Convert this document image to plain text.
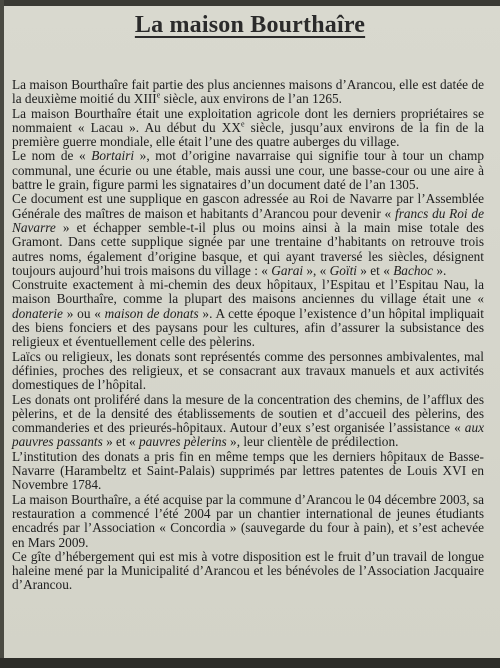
La maison Bourthaîre

La maison Bourthaîre fait partie des plus anciennes maisons d’Arancou, elle est datée de la deuxième moitié du XIIIe siècle, aux environs de l’an 1265.

La maison Bourthaîre était une exploitation agricole dont les derniers propriétaires se nommaient « Lacau ». Au début du XXe siècle, jusqu’aux environs de la fin de la première guerre mondiale, elle était l’une des quatre auberges du village.

Le nom de « Bortairi », mot d’origine navarraise qui signifie tour à tour un champ communal, une écurie ou une étable, mais aussi une cour, une basse-cour ou une aire à battre le grain, figure parmi les signataires d’un document daté de l’an 1305.

Ce document est une supplique en gascon adressée au Roi de Navarre par l’Assemblée Générale des maîtres de maison et habitants d’Arancou pour devenir « francs du Roi de Navarre » et échapper semble-t-il plus ou moins ainsi à la main mise totale des Gramont. Dans cette supplique signée par une trentaine d’habitants on retrouve trois autres noms, également d’origine basque, et qui ayant traversé les siècles, désignent toujours aujourd’hui trois maisons du village : « Garai », « Goïti » et « Bachoc ».

Construite exactement à mi-chemin des deux hôpitaux, l’Espitau et l’Espitau Nau, la maison Bourthaîre, comme la plupart des maisons anciennes du village était une « donaterie » ou « maison de donats ». A cette époque l’existence d’un hôpital impliquait des biens fonciers et des paysans pour les cultures, afin d’assurer la subsistance des religieux et éventuellement celle des pèlerins.

Laïcs ou religieux, les donats sont représentés comme des personnes ambivalentes, mal définies, proches des religieux, et se consacrant aux travaux manuels et aux activités domestiques de l’hôpital.

Les donats ont proliféré dans la mesure de la concentration des chemins, de l’afflux des pèlerins, et de la densité des établissements de soutien et d’accueil des pèlerins, des commanderies et des prieurés-hôpitaux. Autour d’eux s’est organisée l’assistance « aux pauvres passants » et « pauvres pèlerins », leur clientèle de prédilection.

L’institution des donats a pris fin en même temps que les derniers hôpitaux de Basse-Navarre (Harambeltz et Saint-Palais) supprimés par lettres patentes de Louis XVI en Novembre 1784.

La maison Bourthaîre, a été acquise par la commune d’Arancou le 04 décembre 2003, sa restauration a commencé l’été 2004 par un chantier international de jeunes étudiants encadrés par l’Association « Concordia » (sauvegarde du four à pain), et s’est achevée en Mars 2009.

Ce gîte d’hébergement qui est mis à votre disposition est le fruit d’un travail de longue haleine mené par la Municipalité d’Arancou et les bénévoles de l’Association Jacquaire d’Arancou.
